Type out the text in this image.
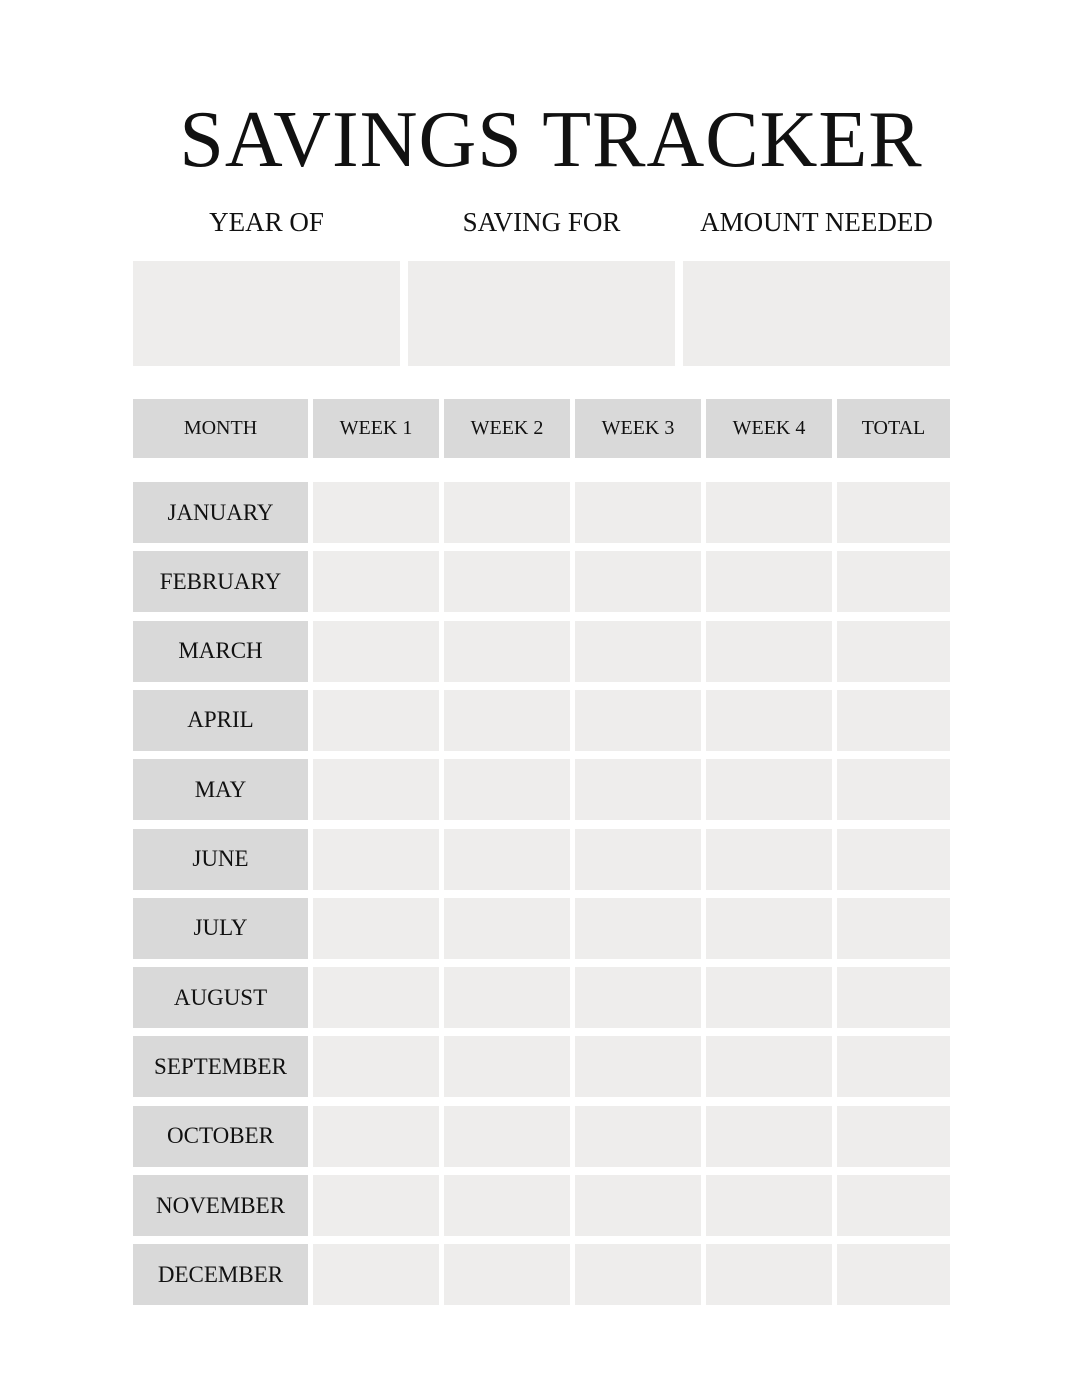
SAVINGS TRACKER
YEAR OF	SAVING FOR	AMOUNT NEEDED
MONTH	WEEK 1	WEEK 2	WEEK 3	WEEK 4	TOTAL
JANUARY
FEBRUARY
MARCH
APRIL
MAY
JUNE
JULY
AUGUST
SEPTEMBER
OCTOBER
NOVEMBER
DECEMBER
